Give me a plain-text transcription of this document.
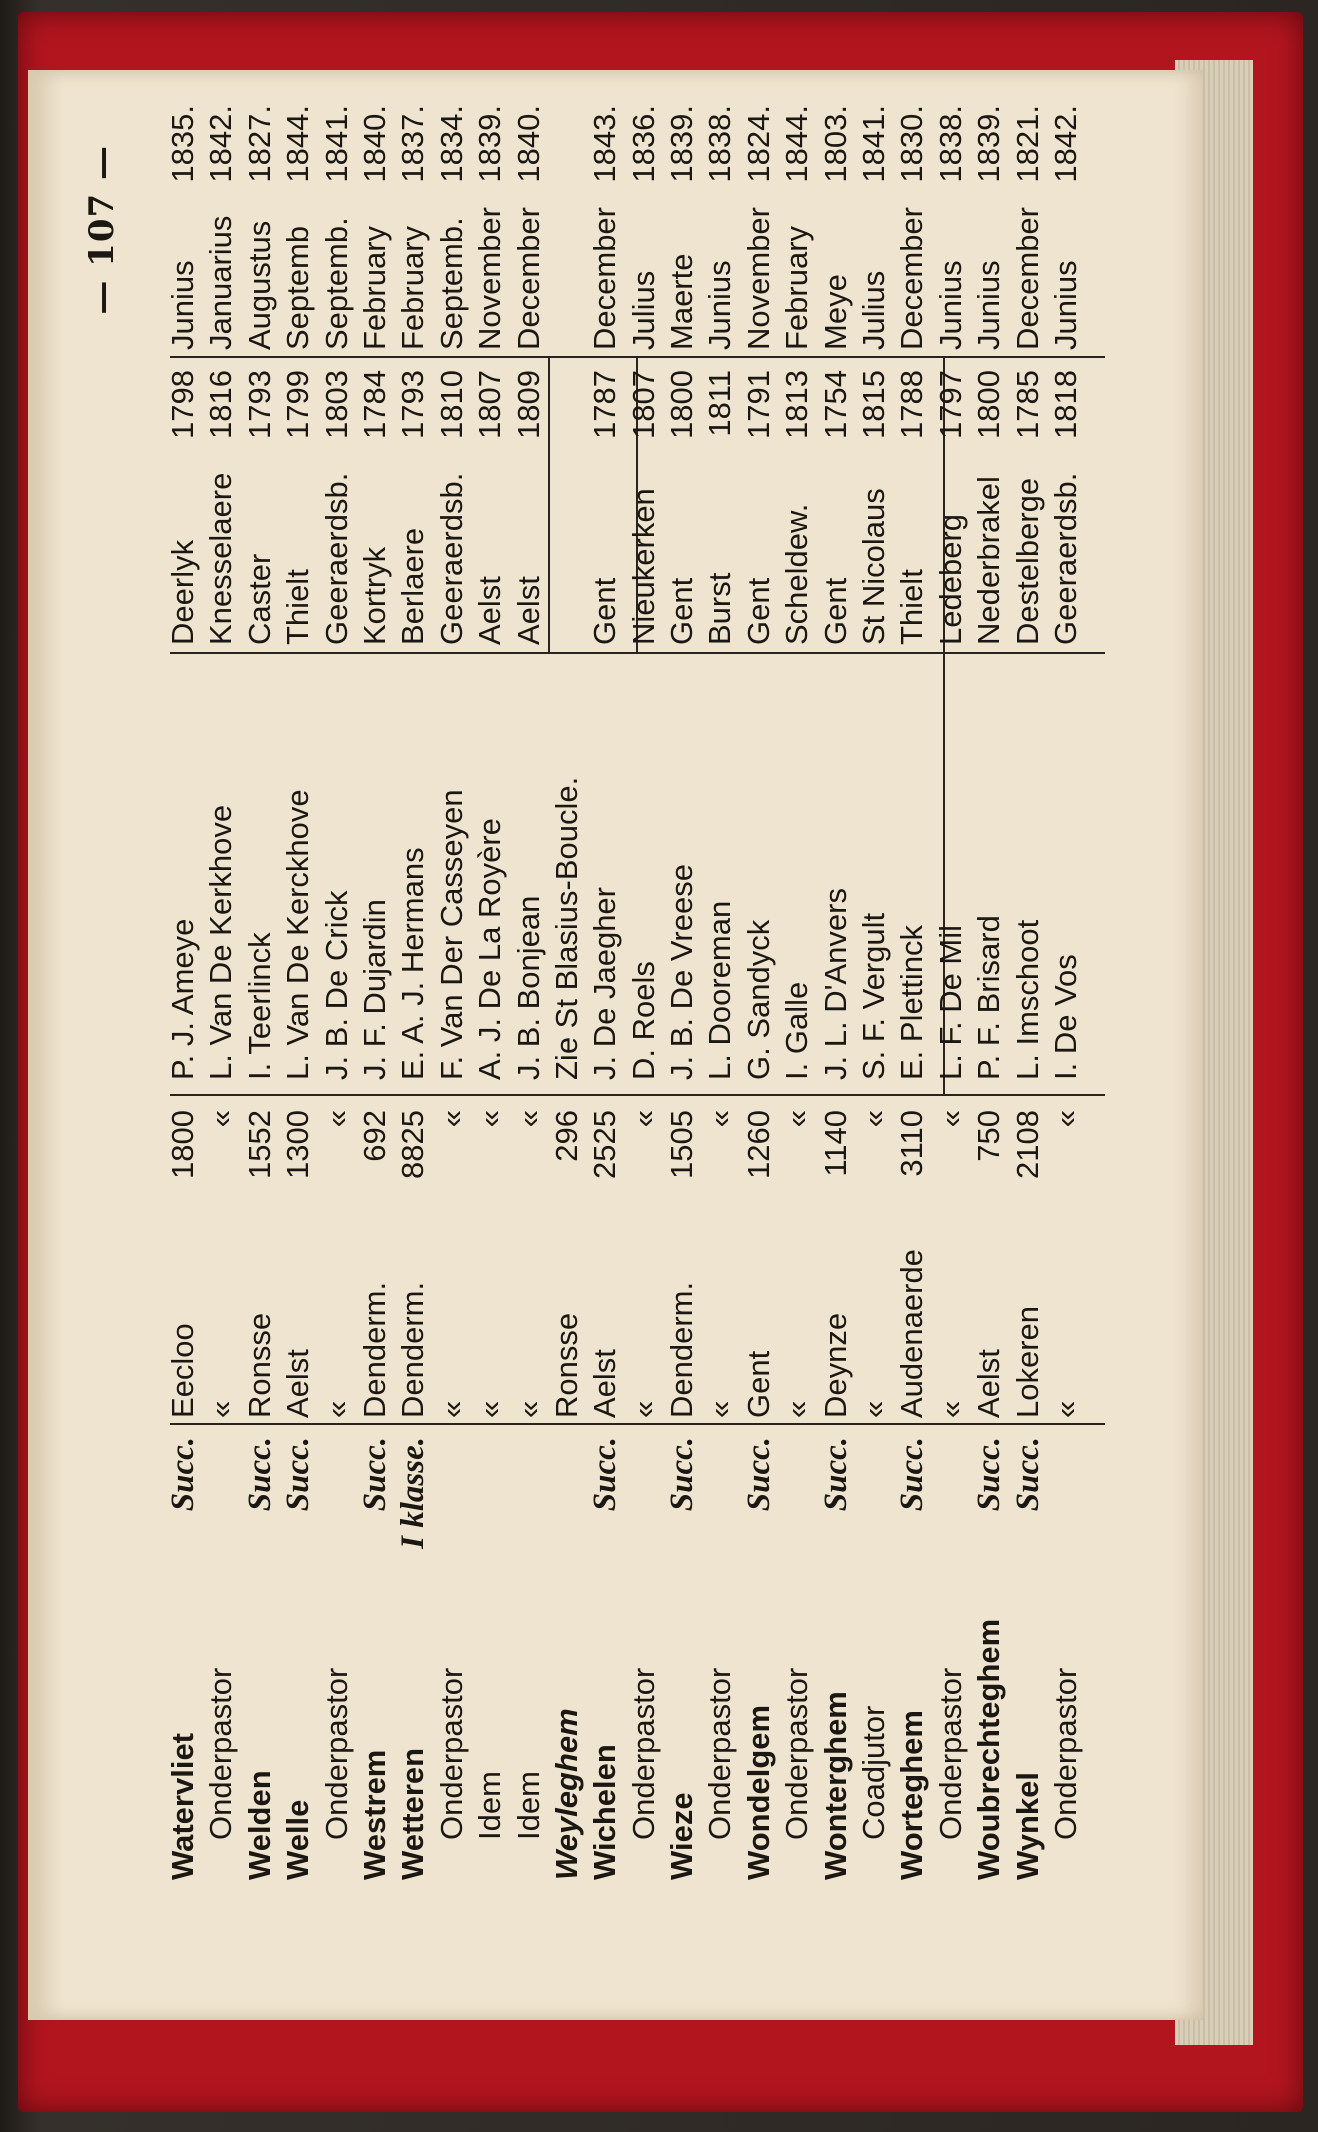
— 107 —
Watervliet
Succ.
Eecloo
1800
P. J. Ameye
Deerlyk
1798
Junius
1835.
Onderpastor
«
«
L. Van De Kerkhove
Knesselaere
1816
Januarius
1842.
Welden
Succ.
Ronsse
1552
I. Teerlinck
Caster
1793
Augustus
1827.
Welle
Succ.
Aelst
1300
L. Van De Kerckhove
Thielt
1799
Septemb
1844.
Onderpastor
«
«
J. B. De Crick
Geeraerdsb.
1803
Septemb.
1841.
Westrem
Succ.
Denderm.
692
J. F. Dujardin
Kortryk
1784
February
1840.
Wetteren
I klasse.
Denderm.
8825
E. A. J. Hermans
Berlaere
1793
February
1837.
Onderpastor
«
«
F. Van Der Casseyen
Geeraerdsb.
1810
Septemb.
1834.
Idem
«
«
A. J. De La Royère
Aelst
1807
November
1839.
Idem
«
«
J. B. Bonjean
Aelst
1809
December
1840.
Weyleghem
Ronsse
296
Zie St Blasius-Boucle.
Wichelen
Succ.
Aelst
2525
J. De Jaegher
Gent
1787
December
1843.
Onderpastor
«
«
D. Roels
Nieukerken
1807
Julius
1836.
Wieze
Succ.
Denderm.
1505
J. B. De Vreese
Gent
1800
Maerte
1839.
Onderpastor
«
«
L. Dooreman
Burst
1811
Junius
1838.
Wondelgem
Succ.
Gent
1260
G. Sandyck
Gent
1791
November
1824.
Onderpastor
«
«
I. Galle
Scheldew.
1813
February
1844.
Wonterghem
Succ.
Deynze
1140
J. L. D'Anvers
Gent
1754
Meye
1803.
Coadjutor
«
«
S. F. Vergult
St Nicolaus
1815
Julius
1841.
Worteghem
Succ.
Audenaerde
3110
E. Plettinck
Thielt
1788
December
1830.
Onderpastor
«
«
L. F. De Mil
Ledeberg
1797
Junius
1838.
Woubrechteghem
Succ.
Aelst
750
P. F. Brisard
Nederbrakel
1800
Junius
1839.
Wynkel
Succ.
Lokeren
2108
L. Imschoot
Destelberge
1785
December
1821.
Onderpastor
«
«
I. De Vos
Geeraerdsb.
1818
Junius
1842.
